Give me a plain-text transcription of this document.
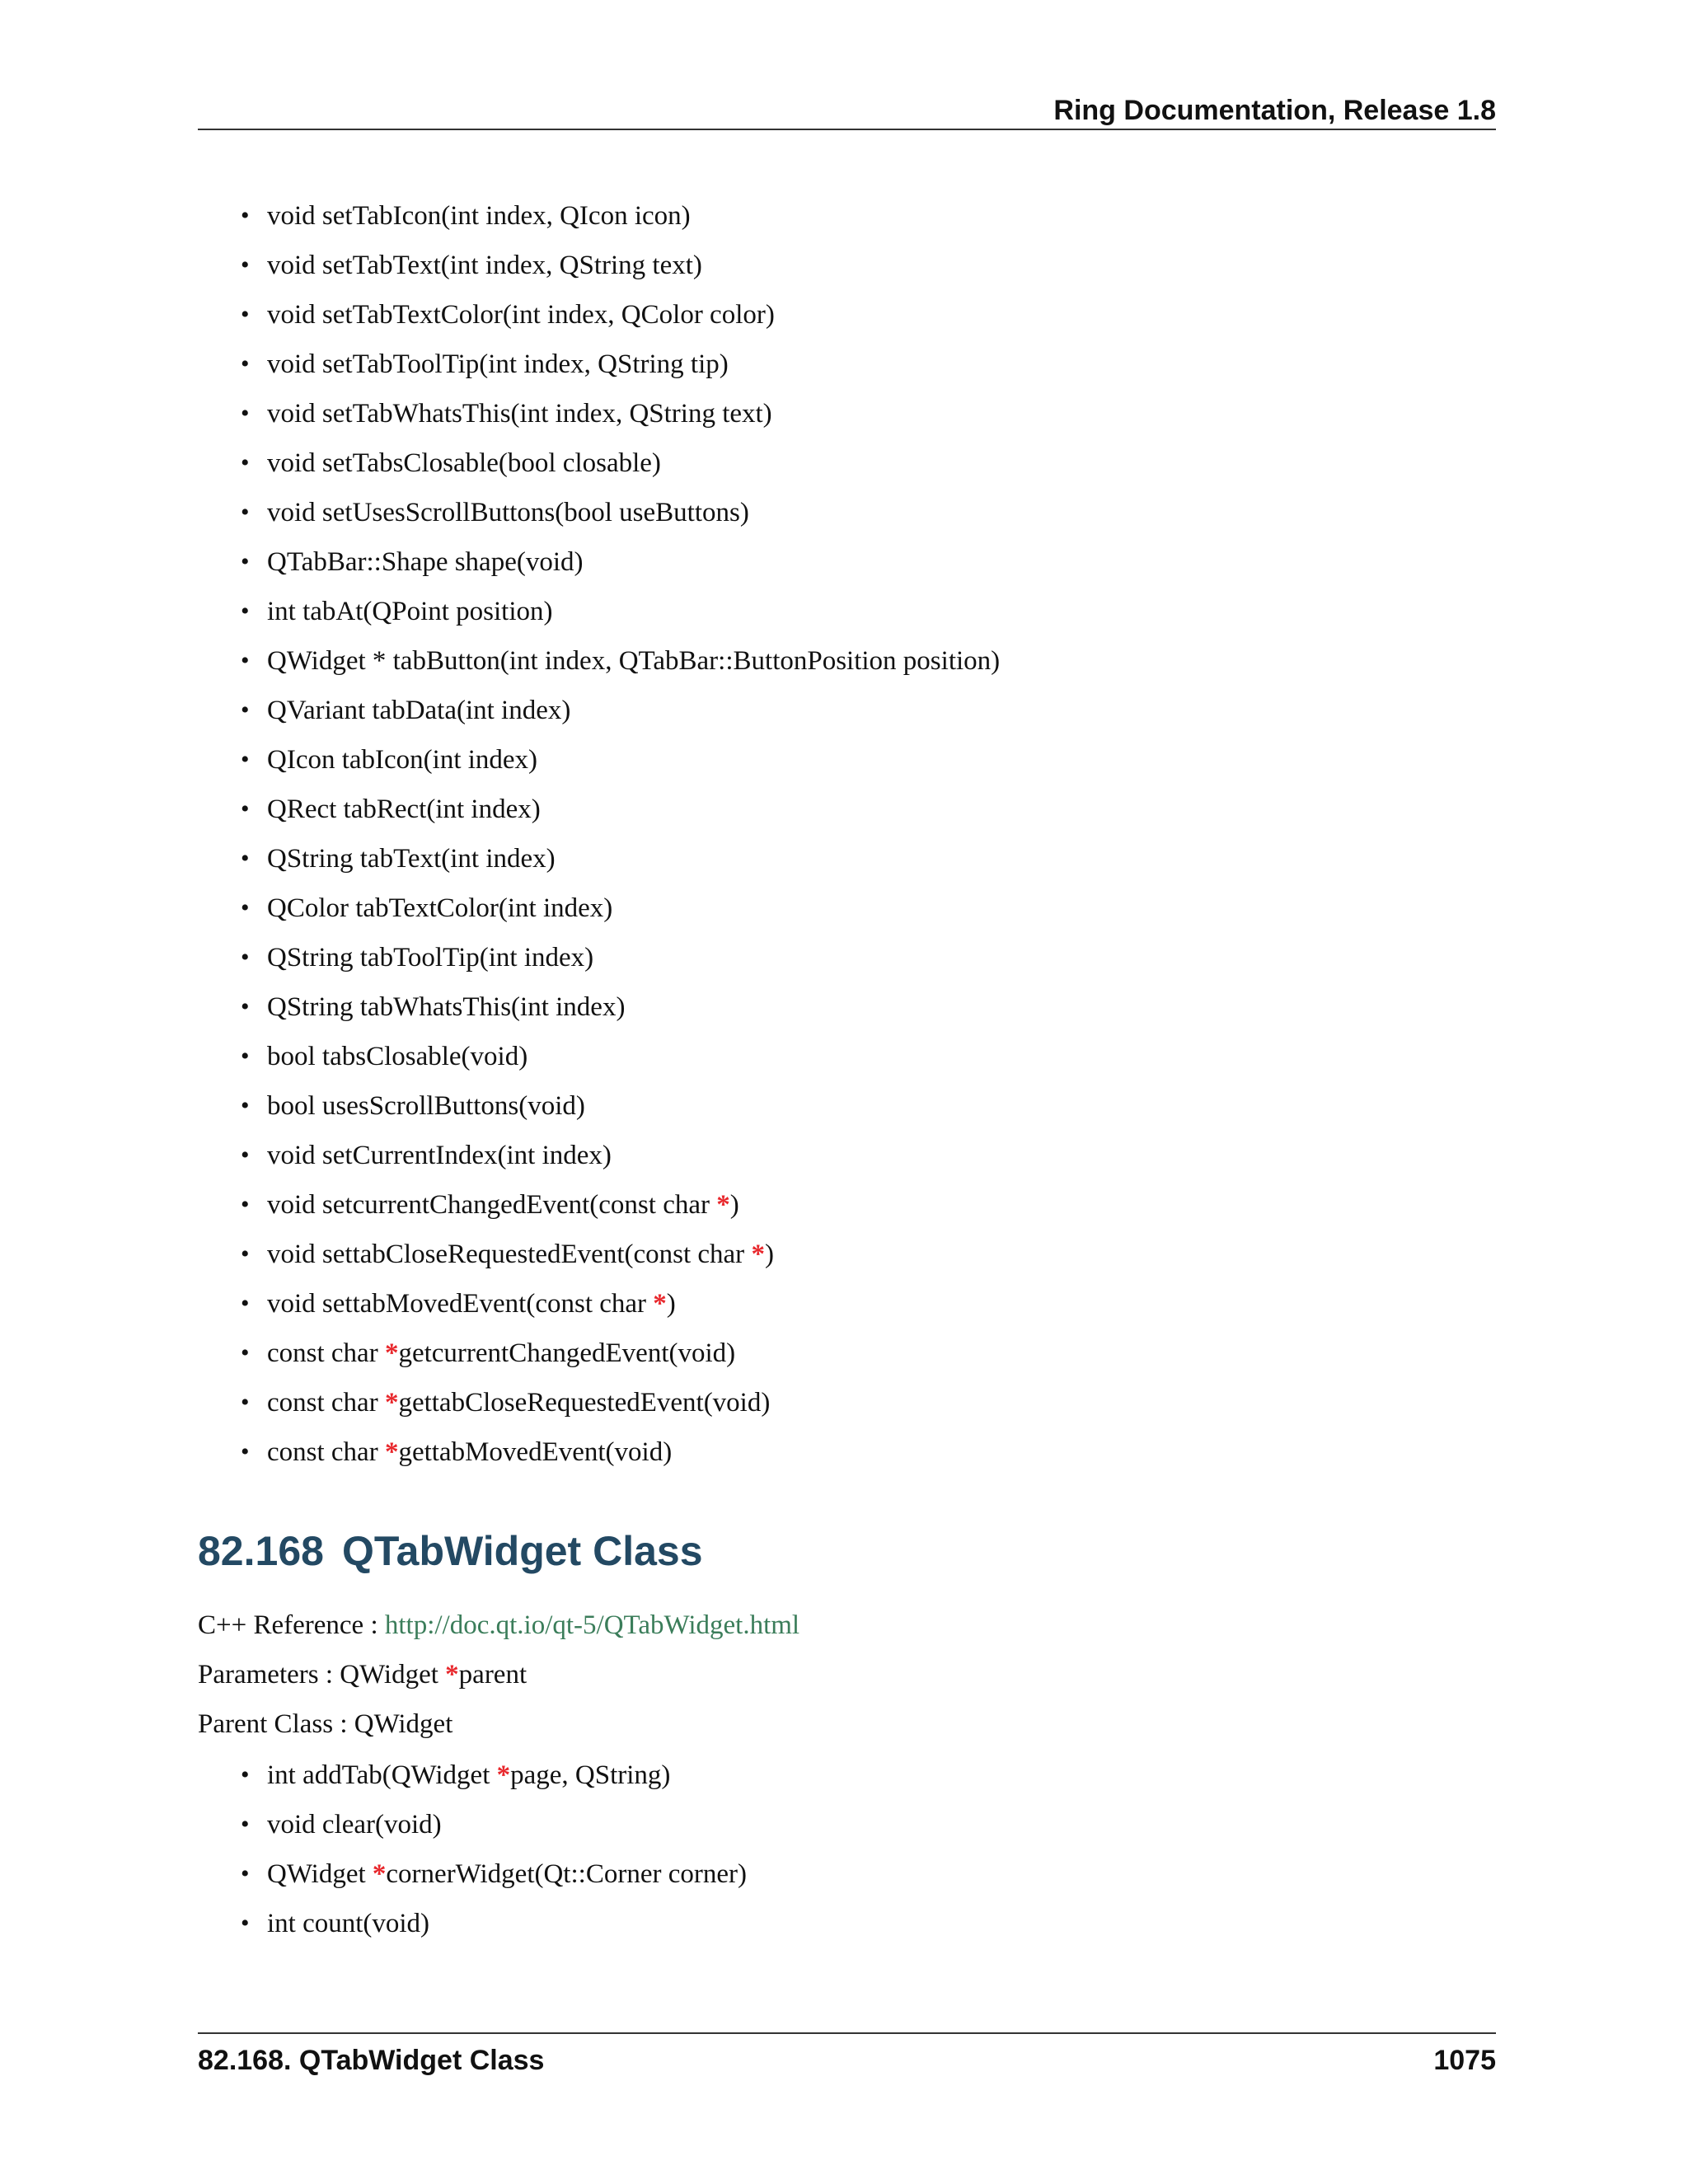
Ring Documentation, Release 1.8
• void setTabIcon(int index, QIcon icon)
• void setTabText(int index, QString text)
• void setTabTextColor(int index, QColor color)
• void setTabToolTip(int index, QString tip)
• void setTabWhatsThis(int index, QString text)
• void setTabsClosable(bool closable)
• void setUsesScrollButtons(bool useButtons)
• QTabBar::Shape shape(void)
• int tabAt(QPoint position)
• QWidget * tabButton(int index, QTabBar::ButtonPosition position)
• QVariant tabData(int index)
• QIcon tabIcon(int index)
• QRect tabRect(int index)
• QString tabText(int index)
• QColor tabTextColor(int index)
• QString tabToolTip(int index)
• QString tabWhatsThis(int index)
• bool tabsClosable(void)
• bool usesScrollButtons(void)
• void setCurrentIndex(int index)
• void setcurrentChangedEvent(const char *)
• void settabCloseRequestedEvent(const char *)
• void settabMovedEvent(const char *)
• const char *getcurrentChangedEvent(void)
• const char *gettabCloseRequestedEvent(void)
• const char *gettabMovedEvent(void)
82.168 QTabWidget Class
C++ Reference : http://doc.qt.io/qt-5/QTabWidget.html
Parameters : QWidget *parent
Parent Class : QWidget
• int addTab(QWidget *page, QString)
• void clear(void)
• QWidget *cornerWidget(Qt::Corner corner)
• int count(void)
82.168. QTabWidget Class	1075
